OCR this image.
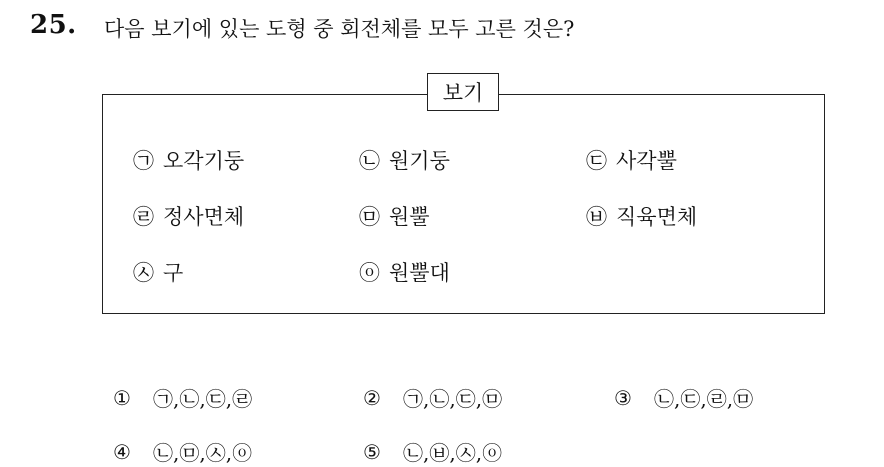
25. 다음 보기에 있는 도형 중 회전체를 모두 고른 것은?
보기
㉠ 오각기둥	㉡ 원기둥	㉢ 사각뿔
㉣ 정사면체	㉤ 원뿔	㉥ 직육면체
㉦ 구	ⓞ 원뿔대
①	㉠,㉡,㉢,㉣	②	㉠,㉡,㉢,㉤	③	㉡,㉢,㉣,㉤
④	㉡,㉤,㉦,ⓞ	⑤	㉡,㉥,㉦,ⓞ
